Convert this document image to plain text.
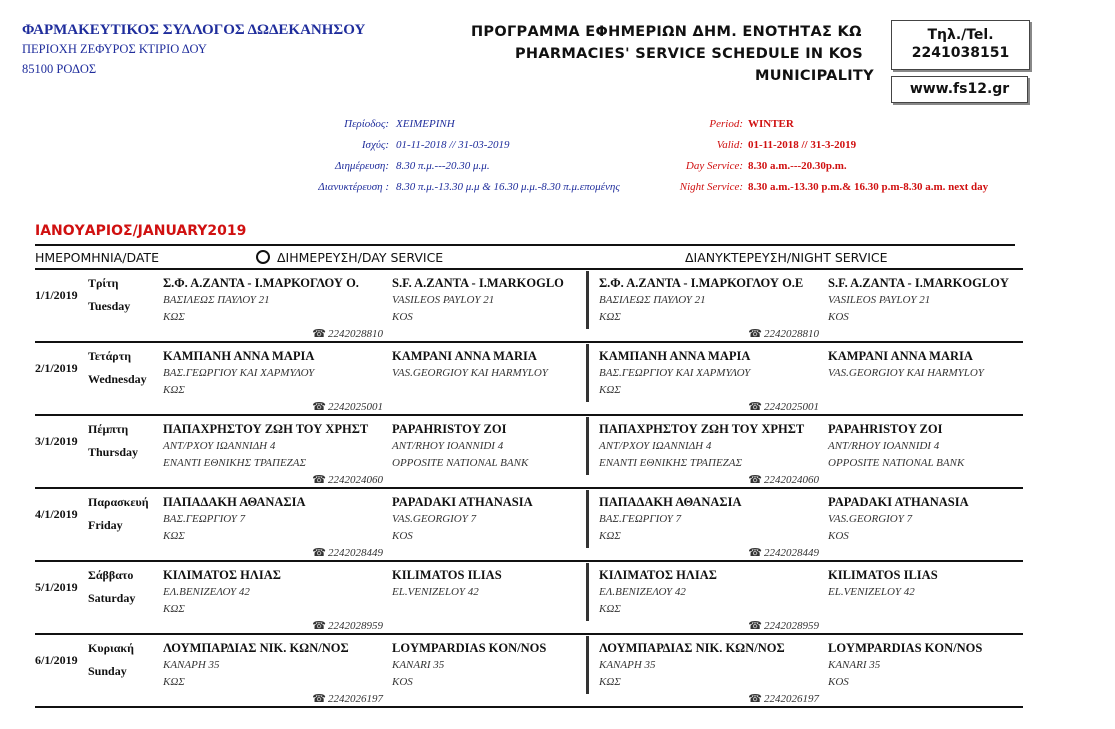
ΦΑΡΜΑΚΕΥΤΙΚΟΣ ΣΥΛΛΟΓΟΣ ΔΩΔΕΚΑΝΗΣΟΥ
ΠΕΡΙΟΧΗ ΖΕΦΥΡΟΣ ΚΤΙΡΙΟ ΔΟΥ
85100 ΡΟΔΟΣ
ΠΡΟΓΡΑΜΜΑ ΕΦΗΜΕΡΙΩΝ ΔΗΜ. ΕΝΟΤΗΤΑΣ ΚΩ
PHARMACIES' SERVICE SCHEDULE IN KOS
MUNICIPALITY
Τηλ./Tel.
2241038151
www.fs12.gr
Περίοδος: ΧΕΙΜΕΡΙΝΗ
Ισχύς: 01-11-2018 // 31-03-2019
Διημέρευση: 8.30 π.μ.---20.30 μ.μ.
Διανυκτέρευση : 8.30 π.μ.-13.30 μ.μ & 16.30 μ.μ.-8.30 π.μ.επομένης
Period: WINTER
Valid: 01-11-2018 // 31-3-2019
Day Service: 8.30 a.m.---20.30p.m.
Night Service: 8.30 a.m.-13.30 p.m.& 16.30 p.m-8.30 a.m. next day
ΙΑΝΟΥΑΡΙΟΣ/JANUARY2019
ΗΜΕΡΟΜΗΝΙΑ/DATE	ΔΙΗΜΕΡΕΥΣΗ/DAY SERVICE	ΔΙΑΝΥΚΤΕΡΕΥΣΗ/NIGHT SERVICE
1/1/2019
Τρίτη
Tuesday
Σ.Φ. Α.ΖΑΝΤΑ - Ι.ΜΑΡΚΟΓΛΟΥ Ο.
ΒΑΣΙΛΕΩΣ ΠΑΥΛΟΥ 21
ΚΩΣ
S.F. A.ZANTA - I.MARKOGLO
VASILEOS PAYLOY 21
KOS
☎ 2242028810
Σ.Φ. Α.ΖΑΝΤΑ - Ι.ΜΑΡΚΟΓΛΟΥ Ο.Ε
ΒΑΣΙΛΕΩΣ ΠΑΥΛΟΥ 21
ΚΩΣ
S.F. A.ZANTA - I.MARKOGLOY
VASILEOS PAYLOY 21
KOS
☎ 2242028810
2/1/2019
Τετάρτη
Wednesday
ΚΑΜΠΑΝΗ ΑΝΝΑ ΜΑΡΙΑ
ΒΑΣ.ΓΕΩΡΓΙΟΥ ΚΑΙ ΧΑΡΜΥΛΟΥ
ΚΩΣ
KAMPANI ANNA MARIA
VAS.GEORGIOY KAI HARMYLOY
☎ 2242025001
ΚΑΜΠΑΝΗ ΑΝΝΑ ΜΑΡΙΑ
ΒΑΣ.ΓΕΩΡΓΙΟΥ ΚΑΙ ΧΑΡΜΥΛΟΥ
ΚΩΣ
KAMPANI ANNA MARIA
VAS.GEORGIOY KAI HARMYLOY
☎ 2242025001
3/1/2019
Πέμπτη
Thursday
ΠΑΠΑΧΡΗΣΤΟΥ ΖΩΗ ΤΟΥ ΧΡΗΣΤ
ΑΝΤ/ΡΧΟΥ ΙΩΑΝΝΙΔΗ 4
ΕΝΑΝΤΙ ΕΘΝΙΚΗΣ ΤΡΑΠΕΖΑΣ
PAPAHRISTOY ZOI
ANT/RHOY IOANNIDI 4
OPPOSITE NATIONAL BANK
☎ 2242024060
ΠΑΠΑΧΡΗΣΤΟΥ ΖΩΗ ΤΟΥ ΧΡΗΣΤ
ΑΝΤ/ΡΧΟΥ ΙΩΑΝΝΙΔΗ 4
ΕΝΑΝΤΙ ΕΘΝΙΚΗΣ ΤΡΑΠΕΖΑΣ
PAPAHRISTOY ZOI
ANT/RHOY IOANNIDI 4
OPPOSITE NATIONAL BANK
☎ 2242024060
4/1/2019
Παρασκευή
Friday
ΠΑΠΑΔΑΚΗ ΑΘΑΝΑΣΙΑ
ΒΑΣ.ΓΕΩΡΓΙΟΥ 7
ΚΩΣ
PAPADAKI ATHANASIA
VAS.GEORGIOY 7
KOS
☎ 2242028449
ΠΑΠΑΔΑΚΗ ΑΘΑΝΑΣΙΑ
ΒΑΣ.ΓΕΩΡΓΙΟΥ 7
ΚΩΣ
PAPADAKI ATHANASIA
VAS.GEORGIOY 7
KOS
☎ 2242028449
5/1/2019
Σάββατο
Saturday
ΚΙΛΙΜΑΤΟΣ ΗΛΙΑΣ
ΕΛ.ΒΕΝΙΖΕΛΟΥ 42
ΚΩΣ
KILIMATOS ILIAS
EL.VENIZELOY 42
☎ 2242028959
ΚΙΛΙΜΑΤΟΣ ΗΛΙΑΣ
ΕΛ.ΒΕΝΙΖΕΛΟΥ 42
ΚΩΣ
KILIMATOS ILIAS
EL.VENIZELOY 42
☎ 2242028959
6/1/2019
Κυριακή
Sunday
ΛΟΥΜΠΑΡΔΙΑΣ ΝΙΚ. ΚΩΝ/ΝΟΣ
ΚΑΝΑΡΗ 35
ΚΩΣ
LOYMPARDIAS KON/NOS
KANARI 35
KOS
☎ 2242026197
ΛΟΥΜΠΑΡΔΙΑΣ ΝΙΚ. ΚΩΝ/ΝΟΣ
ΚΑΝΑΡΗ 35
ΚΩΣ
LOYMPARDIAS KON/NOS
KANARI 35
KOS
☎ 2242026197
